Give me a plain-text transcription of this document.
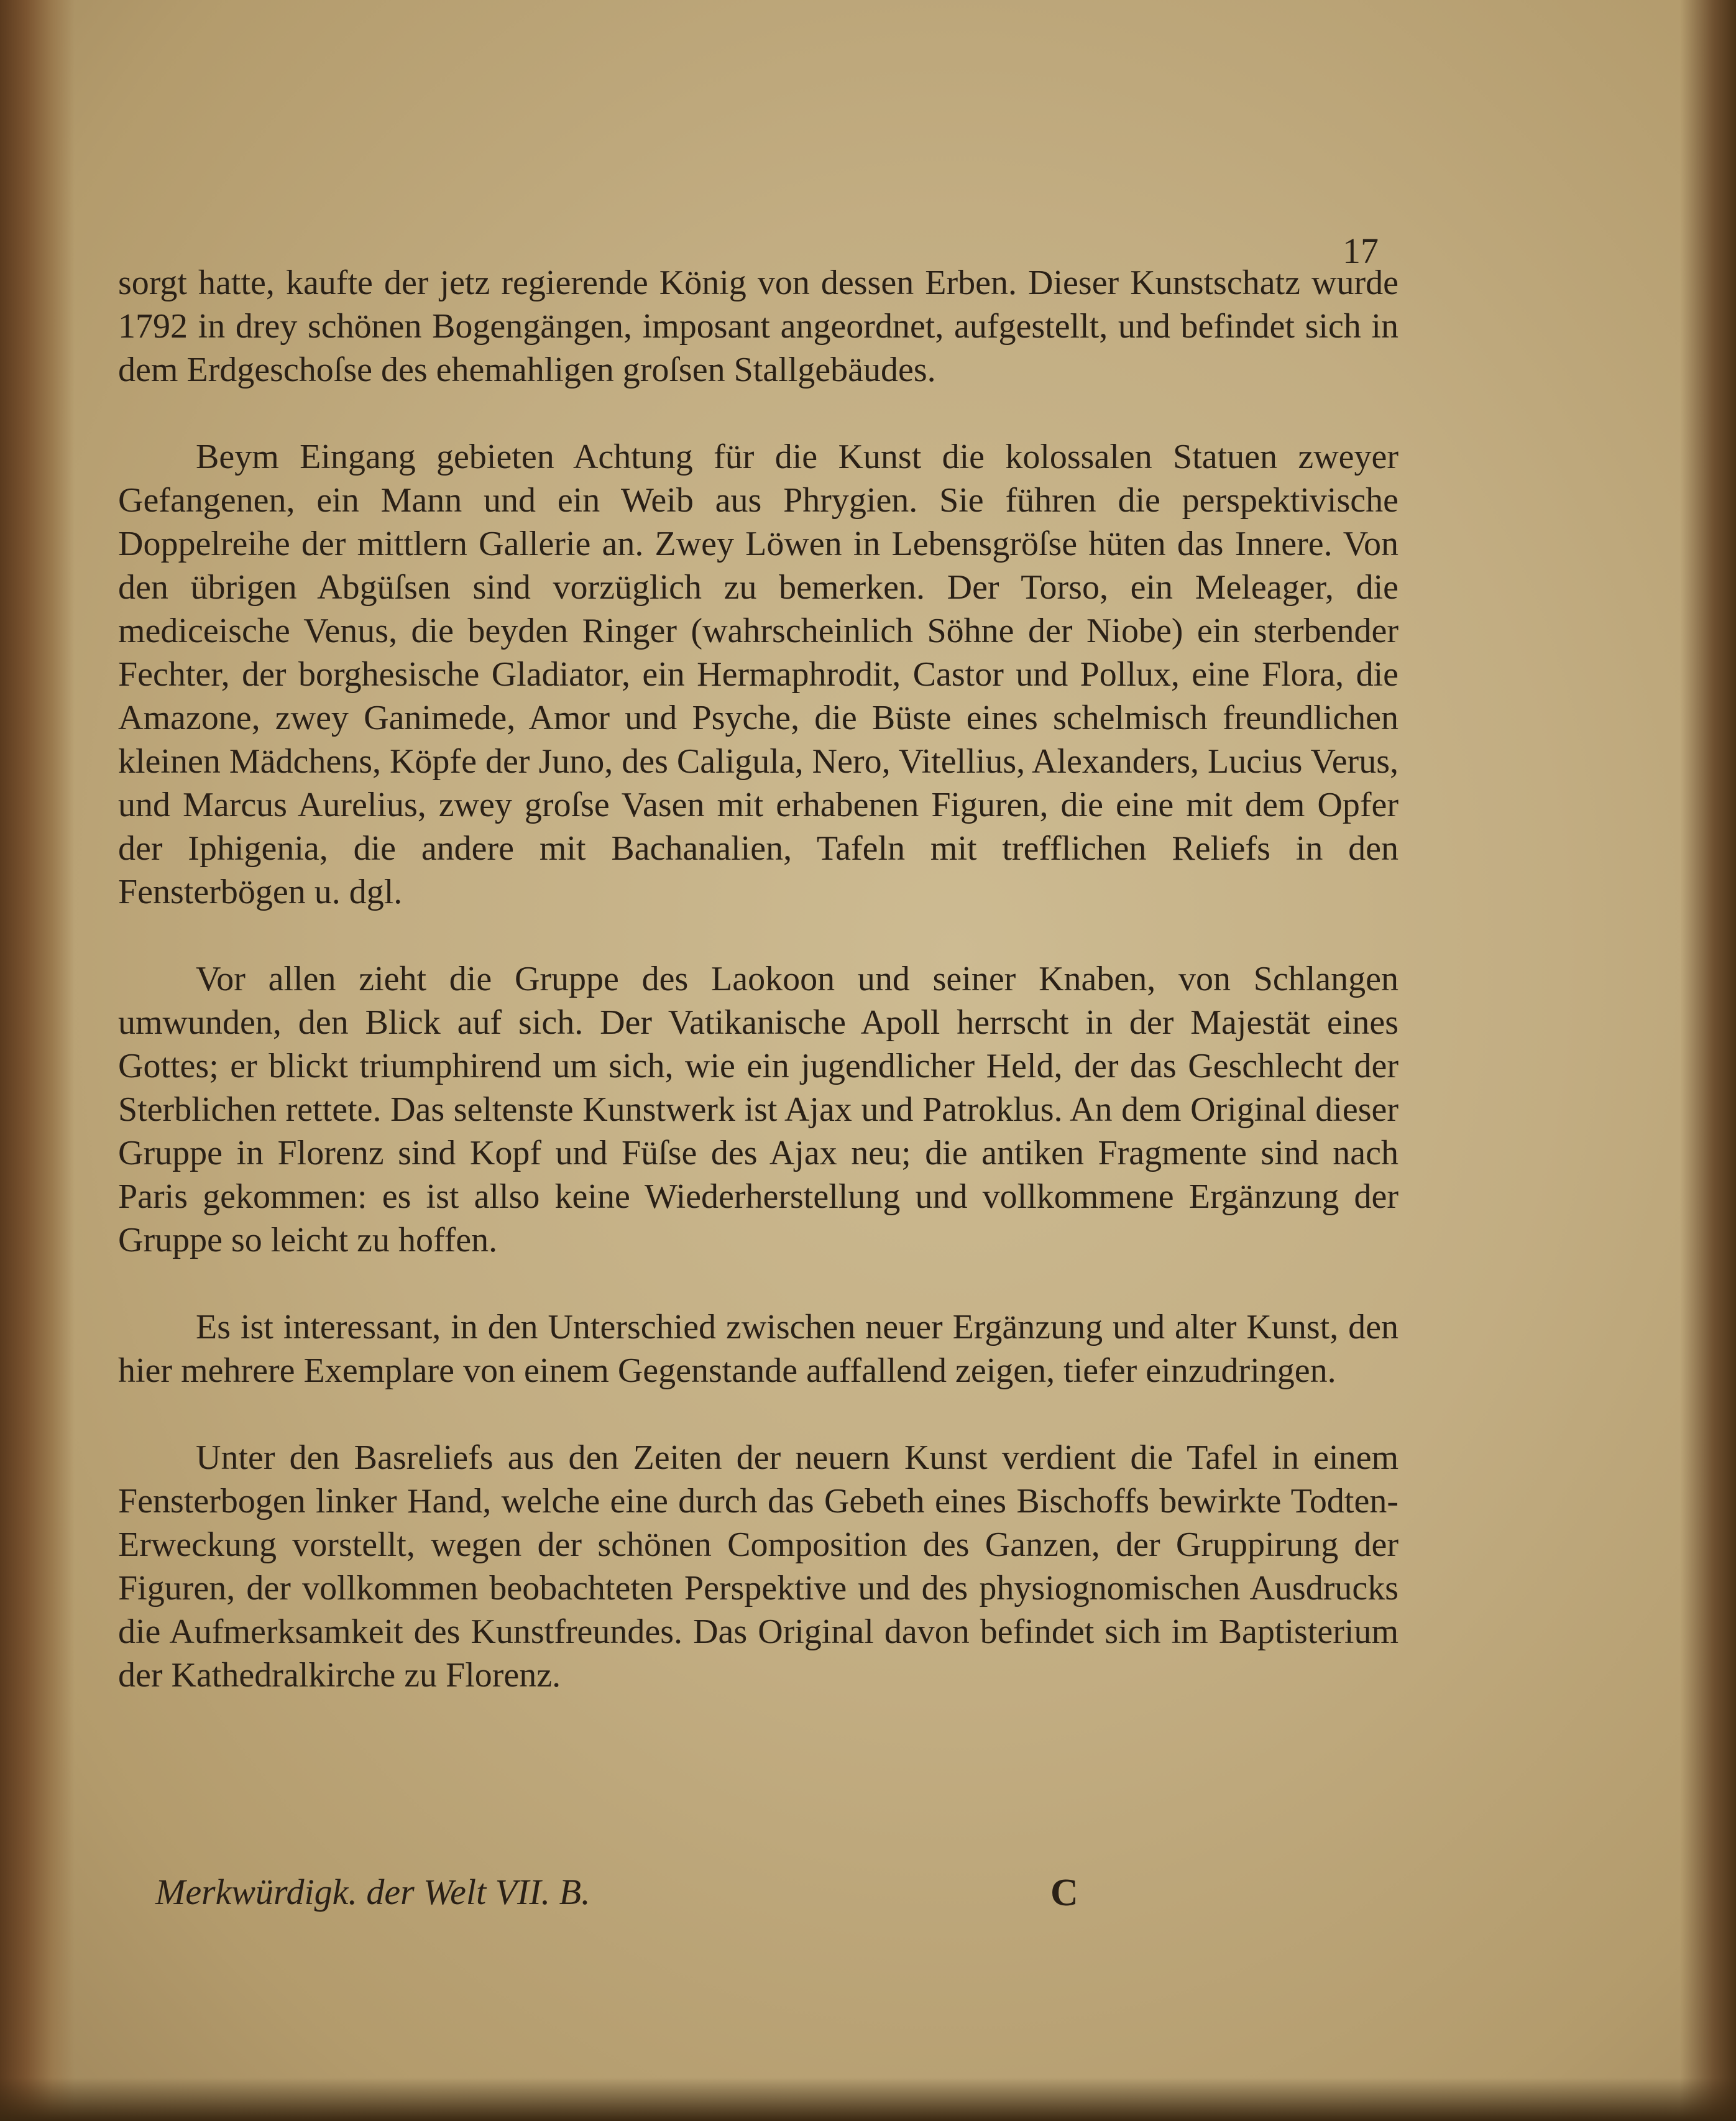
17

sorgt hatte, kaufte der jetz regierende König von dessen Erben. Dieser Kunstschatz wurde 1792 in drey schönen Bogengängen, imposant angeordnet, aufgestellt, und befindet sich in dem Erdgeschoſse des ehemahligen groſsen Stallgebäudes.

Beym Eingang gebieten Achtung für die Kunst die kolossalen Statuen zweyer Gefangenen, ein Mann und ein Weib aus Phrygien. Sie führen die perspektivische Doppelreihe der mittlern Gallerie an. Zwey Löwen in Lebensgröſse hüten das Innere. Von den übrigen Abgüſsen sind vorzüglich zu bemerken. Der Torso, ein Meleager, die mediceische Venus, die beyden Ringer (wahrscheinlich Söhne der Niobe) ein sterbender Fechter, der borghesische Gladiator, ein Hermaphrodit, Castor und Pollux, eine Flora, die Amazone, zwey Ganimede, Amor und Psyche, die Büste eines schelmisch freundlichen kleinen Mädchens, Köpfe der Juno, des Caligula, Nero, Vitellius, Alexanders, Lucius Verus, und Marcus Aurelius, zwey groſse Vasen mit erhabenen Figuren, die eine mit dem Opfer der Iphigenia, die andere mit Bachanalien, Tafeln mit trefflichen Reliefs in den Fensterbögen u. dgl.

Vor allen zieht die Gruppe des Laokoon und seiner Knaben, von Schlangen umwunden, den Blick auf sich. Der Vatikanische Apoll herrscht in der Majestät eines Gottes; er blickt triumphirend um sich, wie ein jugendlicher Held, der das Geschlecht der Sterblichen rettete. Das seltenste Kunstwerk ist Ajax und Patroklus. An dem Original dieser Gruppe in Florenz sind Kopf und Füſse des Ajax neu; die antiken Fragmente sind nach Paris gekommen: es ist allso keine Wiederherstellung und vollkommene Ergänzung der Gruppe so leicht zu hoffen.

Es ist interessant, in den Unterschied zwischen neuer Ergänzung und alter Kunst, den hier mehrere Exemplare von einem Gegenstande auffallend zeigen, tiefer einzudringen.

Unter den Basreliefs aus den Zeiten der neuern Kunst verdient die Tafel in einem Fensterbogen linker Hand, welche eine durch das Gebeth eines Bischoffs bewirkte Todten-Erweckung vorstellt, wegen der schönen Composition des Ganzen, der Gruppirung der Figuren, der vollkommen beobachteten Perspektive und des physiognomischen Ausdrucks die Aufmerksamkeit des Kunstfreundes. Das Original davon befindet sich im Baptisterium der Kathedralkirche zu Florenz.

Merkwürdigk. der Welt VII. B.	C
